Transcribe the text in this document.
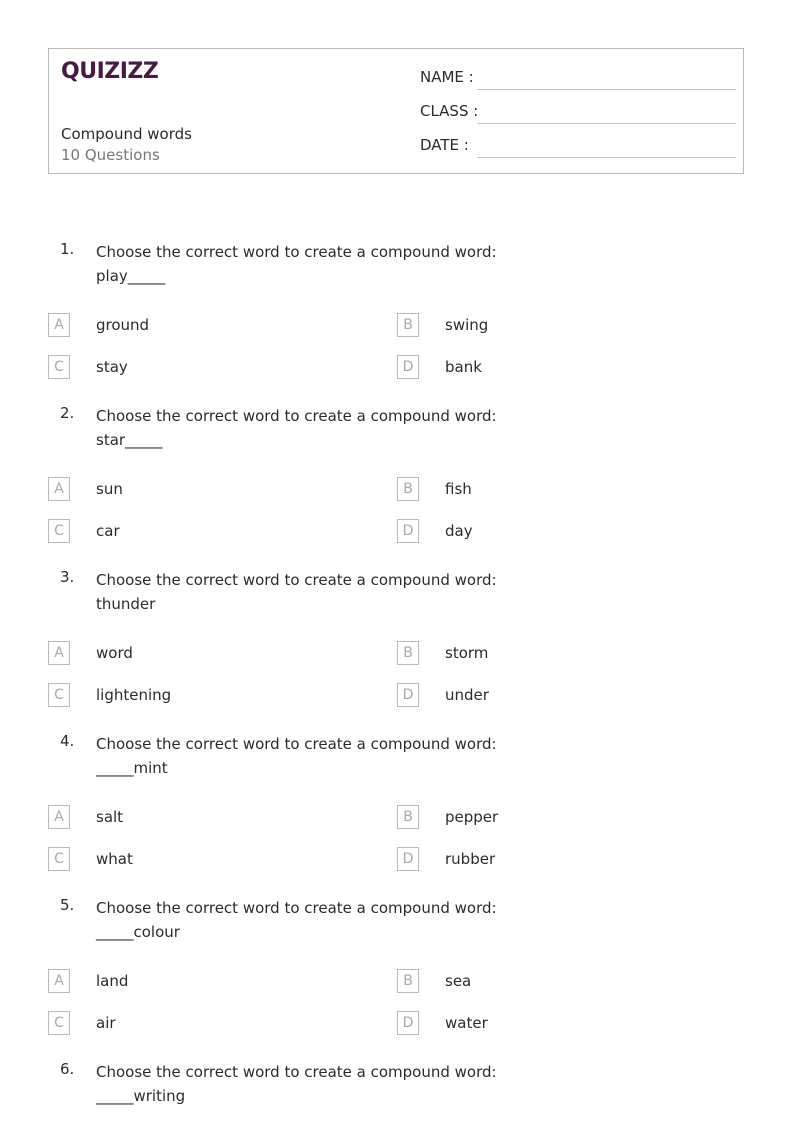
QUIZIZZ
Compound words
10 Questions
NAME :
CLASS :
DATE :
1. Choose the correct word to create a compound word:
play_____
A	ground	B	swing
C	stay	D	bank
2. Choose the correct word to create a compound word:
star_____
A	sun	B	fish
C	car	D	day
3. Choose the correct word to create a compound word:
thunder
A	word	B	storm
C	lightening	D	under
4. Choose the correct word to create a compound word:
_____mint
A	salt	B	pepper
C	what	D	rubber
5. Choose the correct word to create a compound word:
_____colour
A	land	B	sea
C	air	D	water
6. Choose the correct word to create a compound word:
_____writing
